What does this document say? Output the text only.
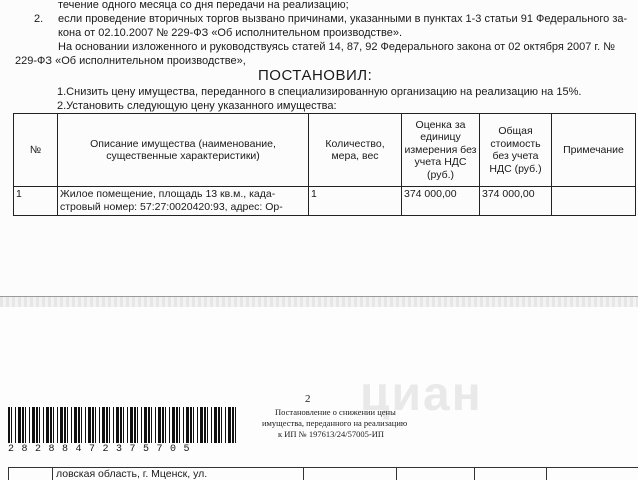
течение одного месяца со дня передачи на реализацию;
2. если проведение вторичных торгов вызвано причинами, указанными в пунктах 1-3 статьи 91 Федерального за-
кона от 02.10.2007 № 229-ФЗ «Об исполнительном производстве».
На основании изложенного и руководствуясь статей 14, 87, 92 Федерального закона от 02 октября 2007 г. №
229-ФЗ «Об исполнительном производстве»,
ПОСТАНОВИЛ:
1.Снизить цену имущества, переданного в специализированную организацию на реализацию на 15%.
2.Установить следующую цену указанного имущества:
№	Описание имущества (наименование, существенные характеристики)	Количество, мера, вес	Оценка за единицу измерения без учета НДС (руб.)	Общая стоимость без учета НДС (руб.)	Примечание
1	Жилое помещение, площадь 13 кв.м., када-стровый номер: 57:27:0020420:93, адрес: Ор-	1	374 000,00	374 000,00	
циан
2
Постановление о снижении цены
имущества, переданного на реализацию
к ИП № 197613/24/57005-ИП
28288472375705
	ловская область, г. Мценск, ул.				
